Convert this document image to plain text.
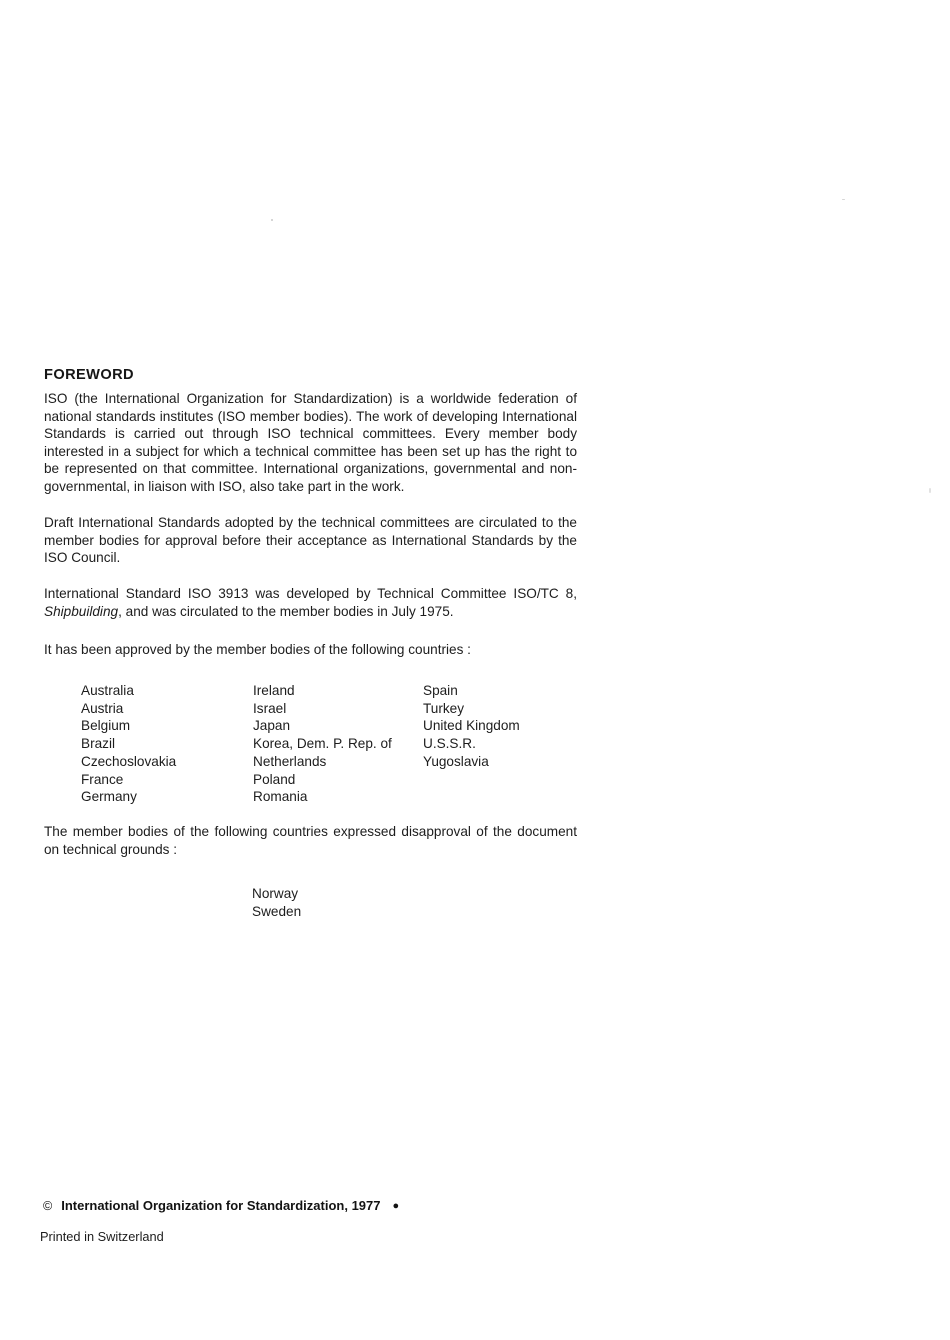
FOREWORD

ISO (the International Organization for Standardization) is a worldwide federation of national standards institutes (ISO member bodies). The work of developing International Standards is carried out through ISO technical committees. Every member body interested in a subject for which a technical committee has been set up has the right to be represented on that committee. International organizations, governmental and non-governmental, in liaison with ISO, also take part in the work.

Draft International Standards adopted by the technical committees are circulated to the member bodies for approval before their acceptance as International Standards by the ISO Council.

International Standard ISO 3913 was developed by Technical Committee ISO/TC 8, Shipbuilding, and was circulated to the member bodies in July 1975.

It has been approved by the member bodies of the following countries :

Australia
Austria
Belgium
Brazil
Czechoslovakia
France
Germany
Ireland
Israel
Japan
Korea, Dem. P. Rep. of
Netherlands
Poland
Romania
Spain
Turkey
United Kingdom
U.S.S.R.
Yugoslavia

The member bodies of the following countries expressed disapproval of the document on technical grounds :

Norway
Sweden
© International Organization for Standardization, 1977 ●
Printed in Switzerland
